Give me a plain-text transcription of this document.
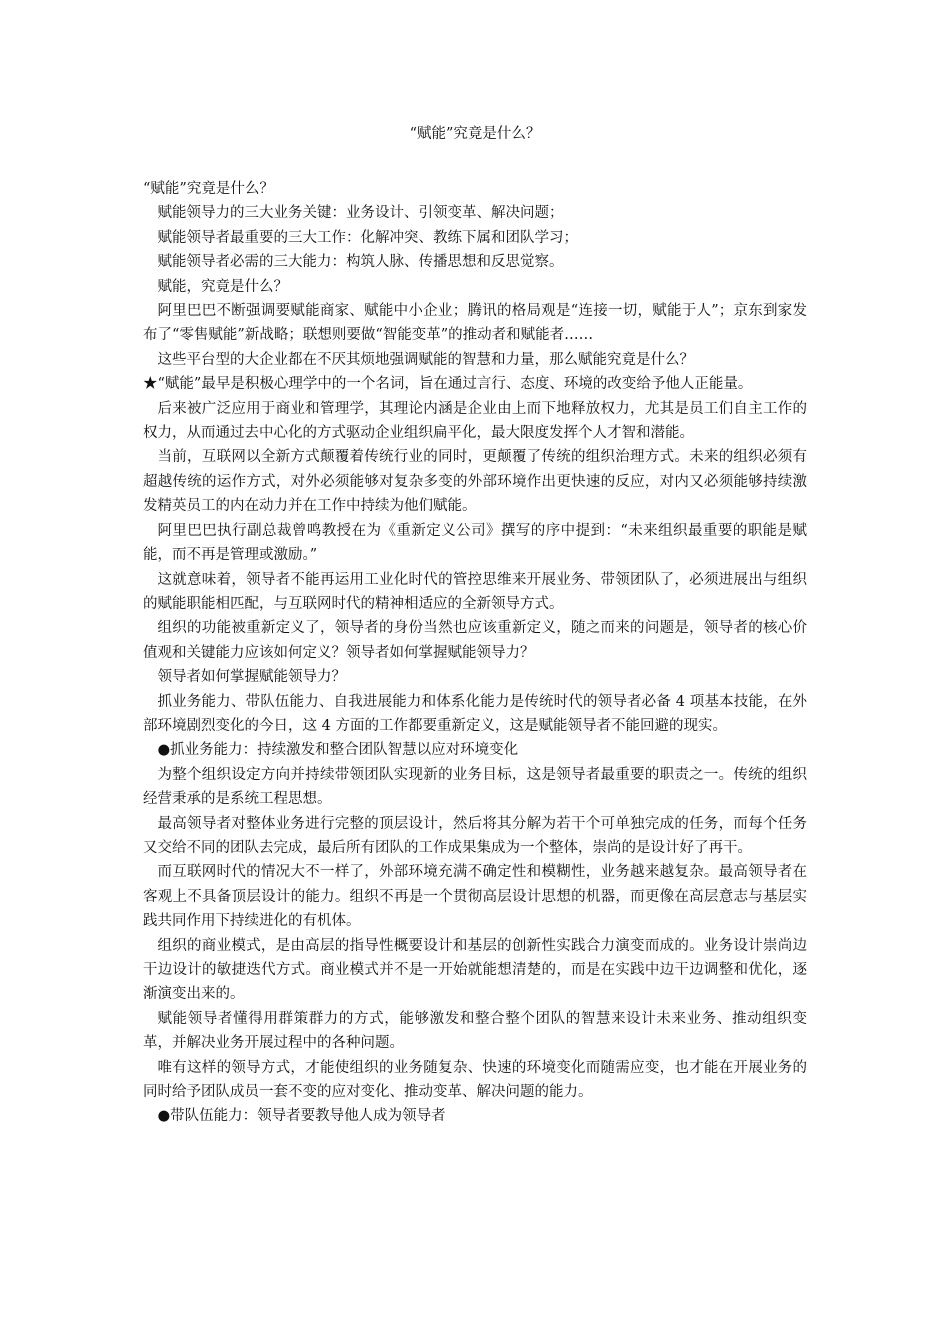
“赋能”究竟是什么？

“赋能”究竟是什么？

赋能领导力的三大业务关键：业务设计、引领变革、解决问题；

赋能领导者最重要的三大工作：化解冲突、教练下属和团队学习；

赋能领导者必需的三大能力：构筑人脉、传播思想和反思觉察。

赋能，究竟是什么？

阿里巴巴不断强调要赋能商家、赋能中小企业；腾讯的格局观是“连接一切，赋能于人”；京东到家发布了“零售赋能”新战略；联想则要做“智能变革”的推动者和赋能者……

这些平台型的大企业都在不厌其烦地强调赋能的智慧和力量，那么赋能究竟是什么？

★“赋能”最早是积极心理学中的一个名词，旨在通过言行、态度、环境的改变给予他人正能量。

后来被广泛应用于商业和管理学，其理论内涵是企业由上而下地释放权力，尤其是员工们自主工作的权力，从而通过去中心化的方式驱动企业组织扁平化，最大限度发挥个人才智和潜能。

当前，互联网以全新方式颠覆着传统行业的同时，更颠覆了传统的组织治理方式。未来的组织必须有超越传统的运作方式，对外必须能够对复杂多变的外部环境作出更快速的反应，对内又必须能够持续激发精英员工的内在动力并在工作中持续为他们赋能。

阿里巴巴执行副总裁曾鸣教授在为《重新定义公司》撰写的序中提到：“未来组织最重要的职能是赋能，而不再是管理或激励。”

这就意味着，领导者不能再运用工业化时代的管控思维来开展业务、带领团队了，必须进展出与组织的赋能职能相匹配，与互联网时代的精神相适应的全新领导方式。

组织的功能被重新定义了，领导者的身份当然也应该重新定义，随之而来的问题是，领导者的核心价值观和关键能力应该如何定义？领导者如何掌握赋能领导力？

领导者如何掌握赋能领导力？

抓业务能力、带队伍能力、自我进展能力和体系化能力是传统时代的领导者必备 4 项基本技能，在外部环境剧烈变化的今日，这 4 方面的工作都要重新定义，这是赋能领导者不能回避的现实。

●抓业务能力：持续激发和整合团队智慧以应对环境变化

为整个组织设定方向并持续带领团队实现新的业务目标，这是领导者最重要的职责之一。传统的组织经营秉承的是系统工程思想。

最高领导者对整体业务进行完整的顶层设计，然后将其分解为若干个可单独完成的任务，而每个任务又交给不同的团队去完成，最后所有团队的工作成果集成为一个整体，崇尚的是设计好了再干。

而互联网时代的情况大不一样了，外部环境充满不确定性和模糊性，业务越来越复杂。最高领导者在客观上不具备顶层设计的能力。组织不再是一个贯彻高层设计思想的机器，而更像在高层意志与基层实践共同作用下持续进化的有机体。

组织的商业模式，是由高层的指导性概要设计和基层的创新性实践合力演变而成的。业务设计崇尚边干边设计的敏捷迭代方式。商业模式并不是一开始就能想清楚的，而是在实践中边干边调整和优化，逐渐演变出来的。

赋能领导者懂得用群策群力的方式，能够激发和整合整个团队的智慧来设计未来业务、推动组织变革，并解决业务开展过程中的各种问题。

唯有这样的领导方式，才能使组织的业务随复杂、快速的环境变化而随需应变，也才能在开展业务的同时给予团队成员一套不变的应对变化、推动变革、解决问题的能力。

●带队伍能力：领导者要教导他人成为领导者
